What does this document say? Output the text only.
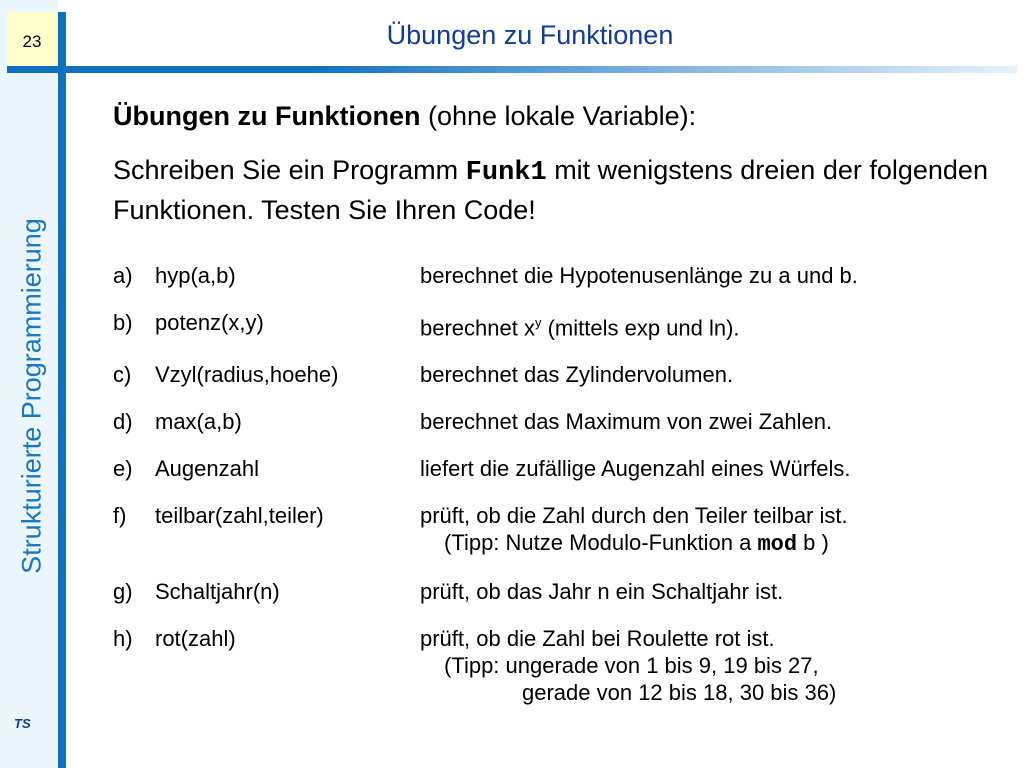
23	Übungen zu Funktionen
Strukturierte Programmierung
TS

Übungen zu Funktionen (ohne lokale Variable):

Schreiben Sie ein Programm Funk1 mit wenigstens dreien der folgenden Funktionen. Testen Sie Ihren Code!
a)	hyp(a,b)	berechnet die Hypotenusenlänge zu a und b.
b)	potenz(x,y)	berechnet $x^y$ (mittels exp und ln).
c)	Vzyl(radius,hoehe)	berechnet das Zylindervolumen.
d)	max(a,b)	berechnet das Maximum von zwei Zahlen.
e)	Augenzahl	liefert die zufällige Augenzahl eines Würfels.
f)	teilbar(zahl,teiler)	prüft, ob die Zahl durch den Teiler teilbar ist.
(Tipp: Nutze Modulo-Funktion a mod b )
g)	Schaltjahr(n)	prüft, ob das Jahr n ein Schaltjahr ist.
h)	rot(zahl)	prüft, ob die Zahl bei Roulette rot ist.
(Tipp: ungerade von 1 bis 9, 19 bis 27,
gerade von 12 bis 18, 30 bis 36)
